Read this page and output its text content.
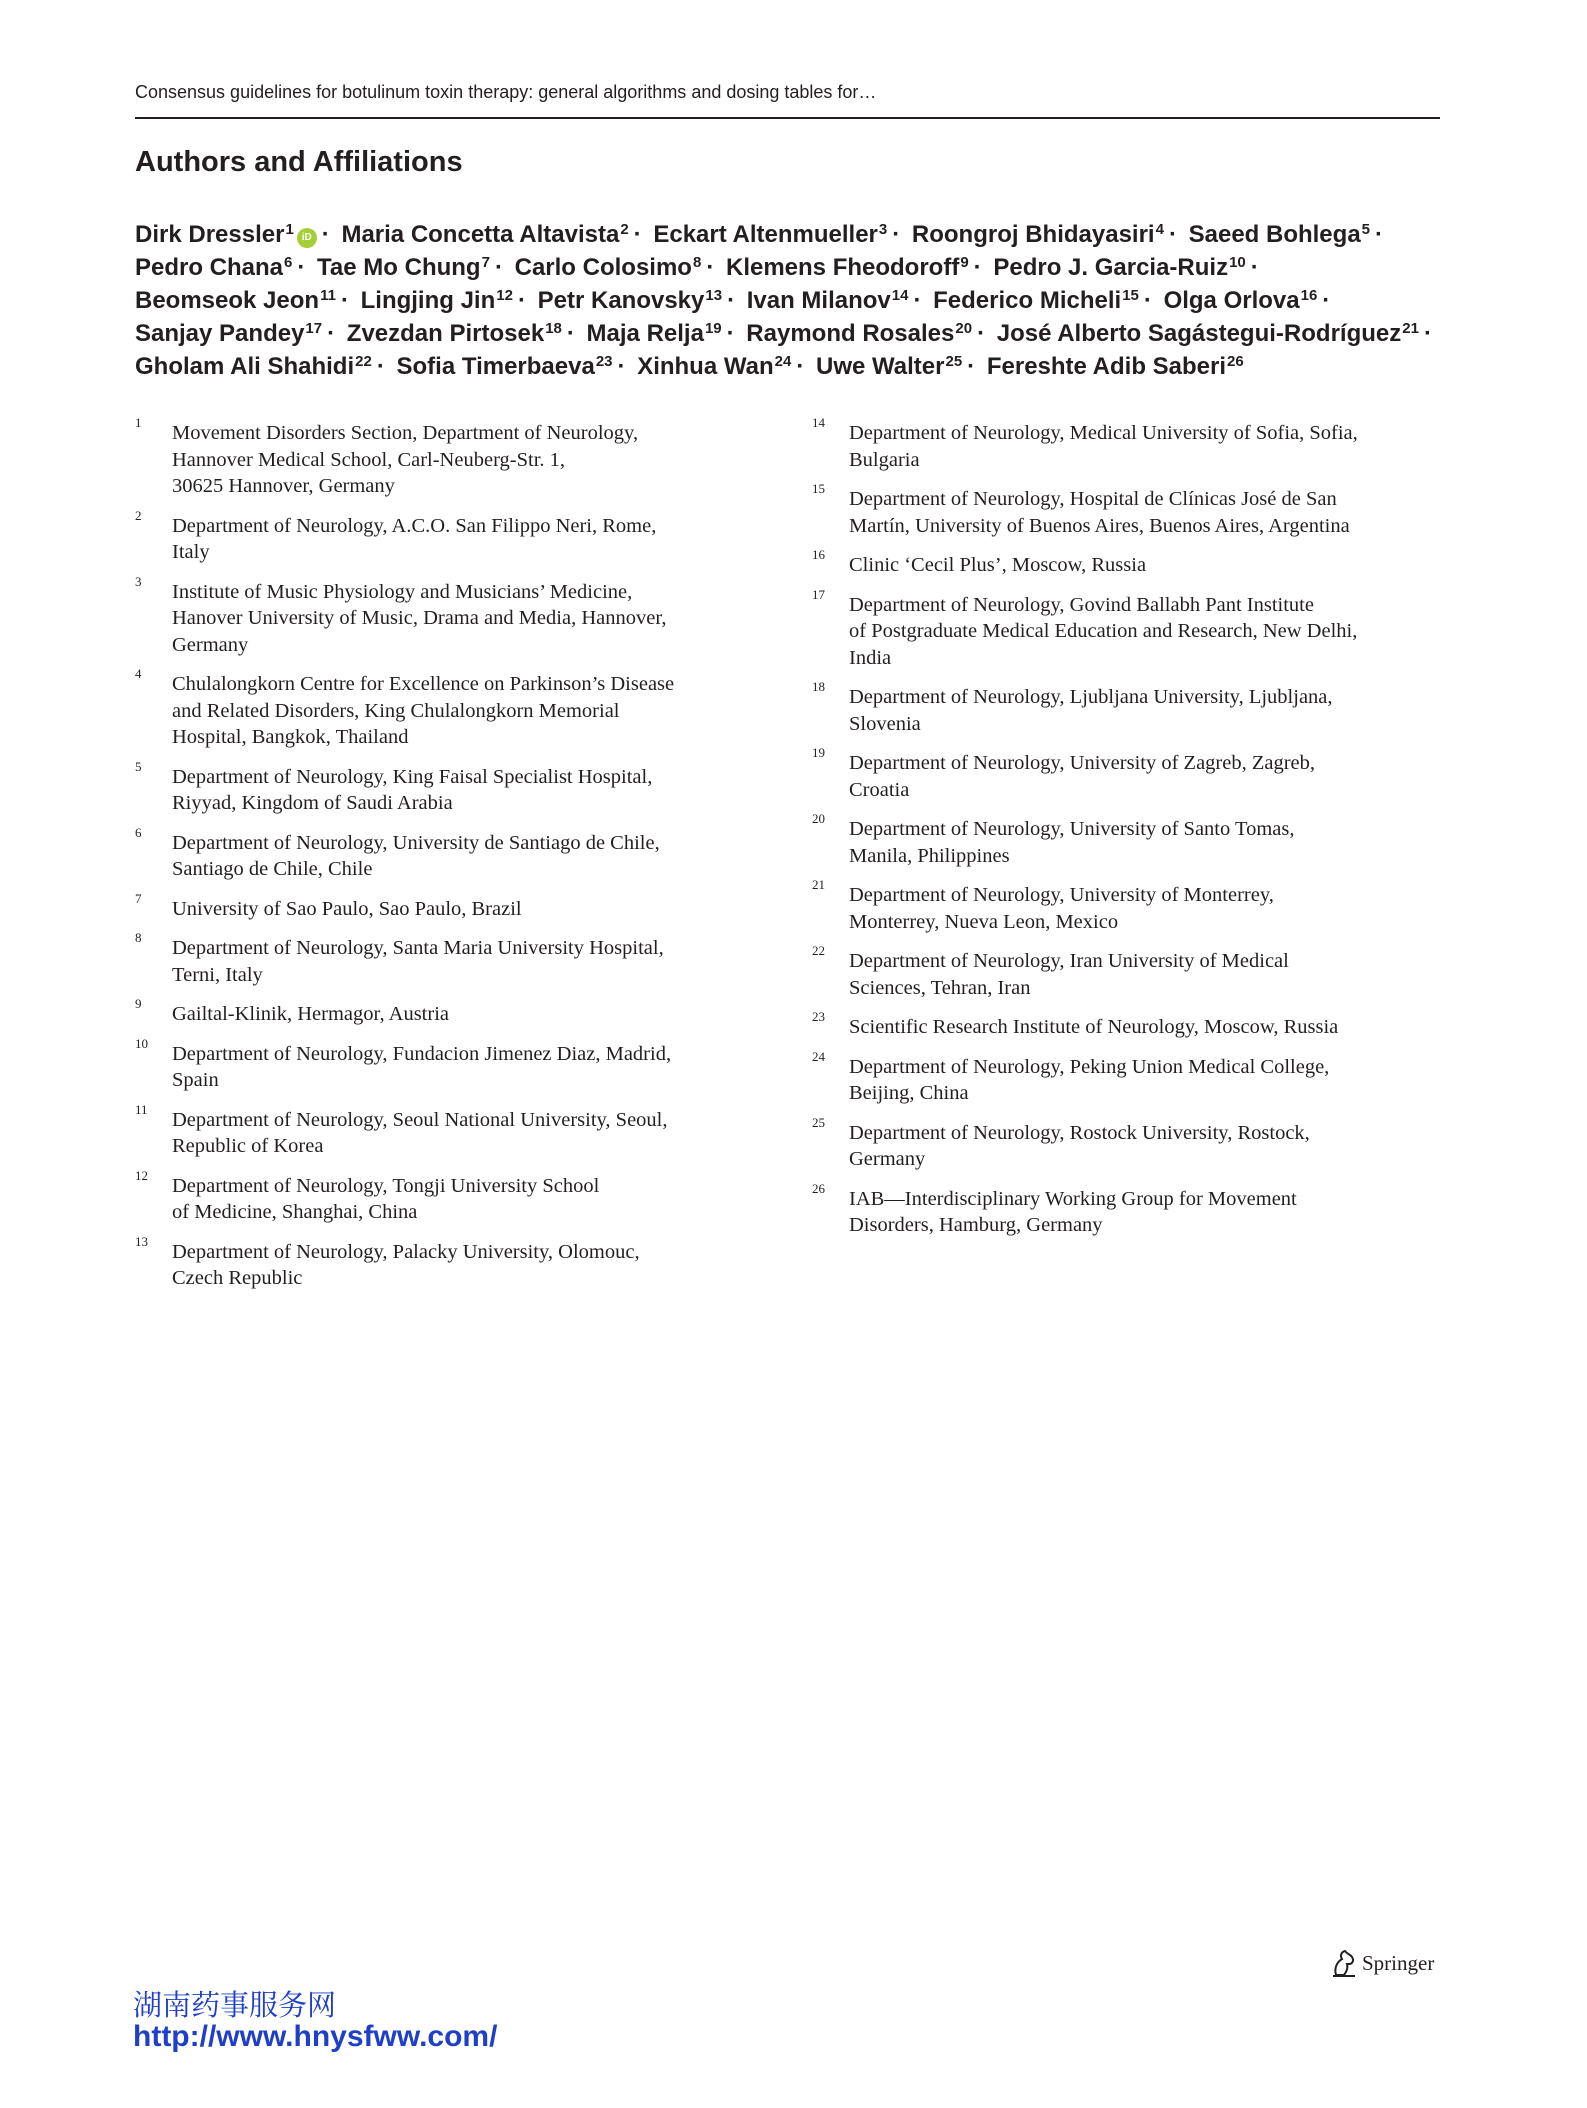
Consensus guidelines for botulinum toxin therapy: general algorithms and dosing tables for…
Authors and Affiliations
Dirk Dressler$^1$ iD · Maria Concetta Altavista$^2$ · Eckart Altenmueller$^3$ · Roongroj Bhidayasiri$^4$ · Saeed Bohlega$^5$ · Pedro Chana$^6$ · Tae Mo Chung$^7$ · Carlo Colosimo$^8$ · Klemens Fheodoroff$^9$ · Pedro J. Garcia-Ruiz$^{10}$ · Beomseok Jeon$^{11}$ · Lingjing Jin$^{12}$ · Petr Kanovsky$^{13}$ · Ivan Milanov$^{14}$ · Federico Micheli$^{15}$ · Olga Orlova$^{16}$ · Sanjay Pandey$^{17}$ · Zvezdan Pirtosek$^{18}$ · Maja Relja$^{19}$ · Raymond Rosales$^{20}$ · José Alberto Sagástegui-Rodríguez$^{21}$ · Gholam Ali Shahidi$^{22}$ · Sofia Timerbaeva$^{23}$ · Xinhua Wan$^{24}$ · Uwe Walter$^{25}$ · Fereshte Adib Saberi$^{26}$
1 Movement Disorders Section, Department of Neurology,
Hannover Medical School, Carl-Neuberg-Str. 1,
30625 Hannover, Germany
2 Department of Neurology, A.C.O. San Filippo Neri, Rome,
Italy
3 Institute of Music Physiology and Musicians’ Medicine,
Hanover University of Music, Drama and Media, Hannover,
Germany
4 Chulalongkorn Centre for Excellence on Parkinson’s Disease
and Related Disorders, King Chulalongkorn Memorial
Hospital, Bangkok, Thailand
5 Department of Neurology, King Faisal Specialist Hospital,
Riyyad, Kingdom of Saudi Arabia
6 Department of Neurology, University de Santiago de Chile,
Santiago de Chile, Chile
7 University of Sao Paulo, Sao Paulo, Brazil
8 Department of Neurology, Santa Maria University Hospital,
Terni, Italy
9 Gailtal-Klinik, Hermagor, Austria
10 Department of Neurology, Fundacion Jimenez Diaz, Madrid,
Spain
11 Department of Neurology, Seoul National University, Seoul,
Republic of Korea
12 Department of Neurology, Tongji University School
of Medicine, Shanghai, China
13 Department of Neurology, Palacky University, Olomouc,
Czech Republic
14 Department of Neurology, Medical University of Sofia, Sofia,
Bulgaria
15 Department of Neurology, Hospital de Clínicas José de San
Martín, University of Buenos Aires, Buenos Aires, Argentina
16 Clinic ‘Cecil Plus’, Moscow, Russia
17 Department of Neurology, Govind Ballabh Pant Institute
of Postgraduate Medical Education and Research, New Delhi,
India
18 Department of Neurology, Ljubljana University, Ljubljana,
Slovenia
19 Department of Neurology, University of Zagreb, Zagreb,
Croatia
20 Department of Neurology, University of Santo Tomas,
Manila, Philippines
21 Department of Neurology, University of Monterrey,
Monterrey, Nueva Leon, Mexico
22 Department of Neurology, Iran University of Medical
Sciences, Tehran, Iran
23 Scientific Research Institute of Neurology, Moscow, Russia
24 Department of Neurology, Peking Union Medical College,
Beijing, China
25 Department of Neurology, Rostock University, Rostock,
Germany
26 IAB—Interdisciplinary Working Group for Movement
Disorders, Hamburg, Germany
Springer
湖南药事服务网
http://www.hnysfww.com/
